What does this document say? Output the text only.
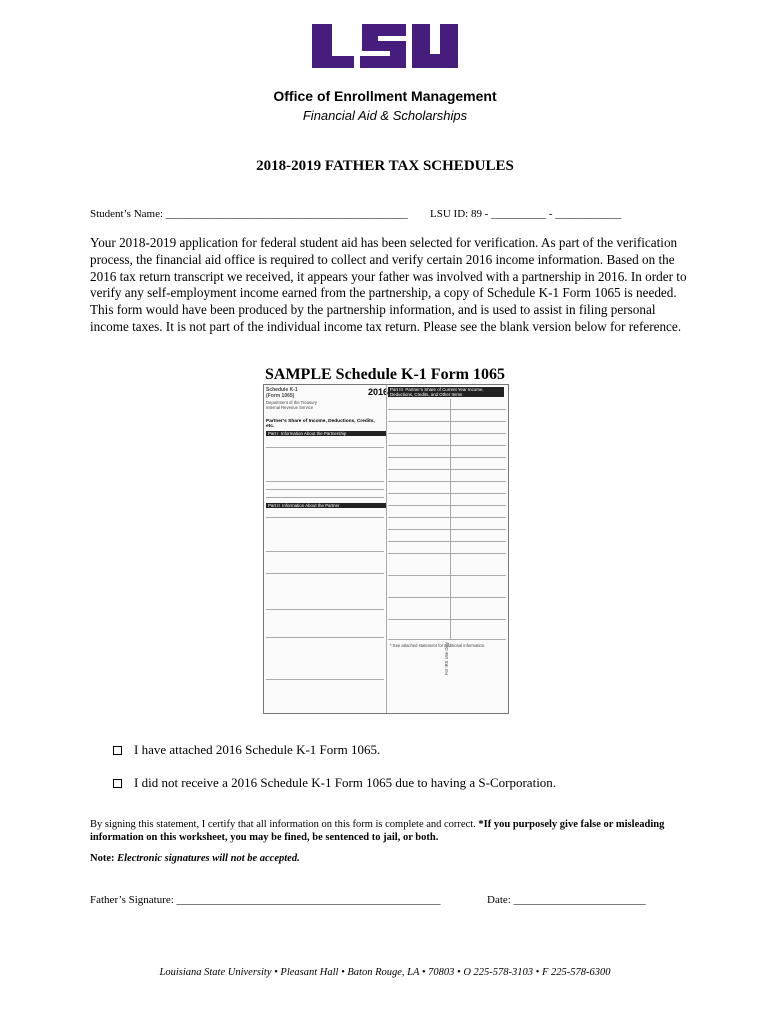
Office of Enrollment Management
Financial Aid & Scholarships
2018-2019 FATHER TAX SCHEDULES
Student’s Name: ____________________________________________ LSU ID: 89 - __________ - ____________
Your 2018-2019 application for federal student aid has been selected for verification. As part of the verification process, the financial aid office is required to collect and verify certain 2016 income information. Based on the 2016 tax return transcript we received, it appears your father was involved with a partnership in 2016. In order to verify any self-employment income earned from the partnership, a copy of Schedule K-1 Form 1065 is needed. This form would have been produced by the partnership information, and is used to assist in filing personal income taxes. It is not part of the individual income tax return. Please see the blank version below for reference.
SAMPLE Schedule K-1 Form 1065
Schedule K-1
(Form 1065)	2016
Department of the Treasury
Internal Revenue Service
Partner’s Share of Income, Deductions, Credits, etc.
Part I Information About the Partnership
Part II Information About the Partner
Part III Partner’s Share of Current Year Income, Deductions, Credits, and Other Items
* See attached statement for additional information.
For IRS Use Only
I have attached 2016 Schedule K-1 Form 1065.
I did not receive a 2016 Schedule K-1 Form 1065 due to having a S-Corporation.
By signing this statement, I certify that all information on this form is complete and correct. *If you purposely give false or misleading information on this worksheet, you may be fined, be sentenced to jail, or both.
Note: Electronic signatures will not be accepted.
Father’s Signature: ________________________________________________	Date: ________________________
Louisiana State University • Pleasant Hall • Baton Rouge, LA • 70803 • O 225-578-3103 • F 225-578-6300
